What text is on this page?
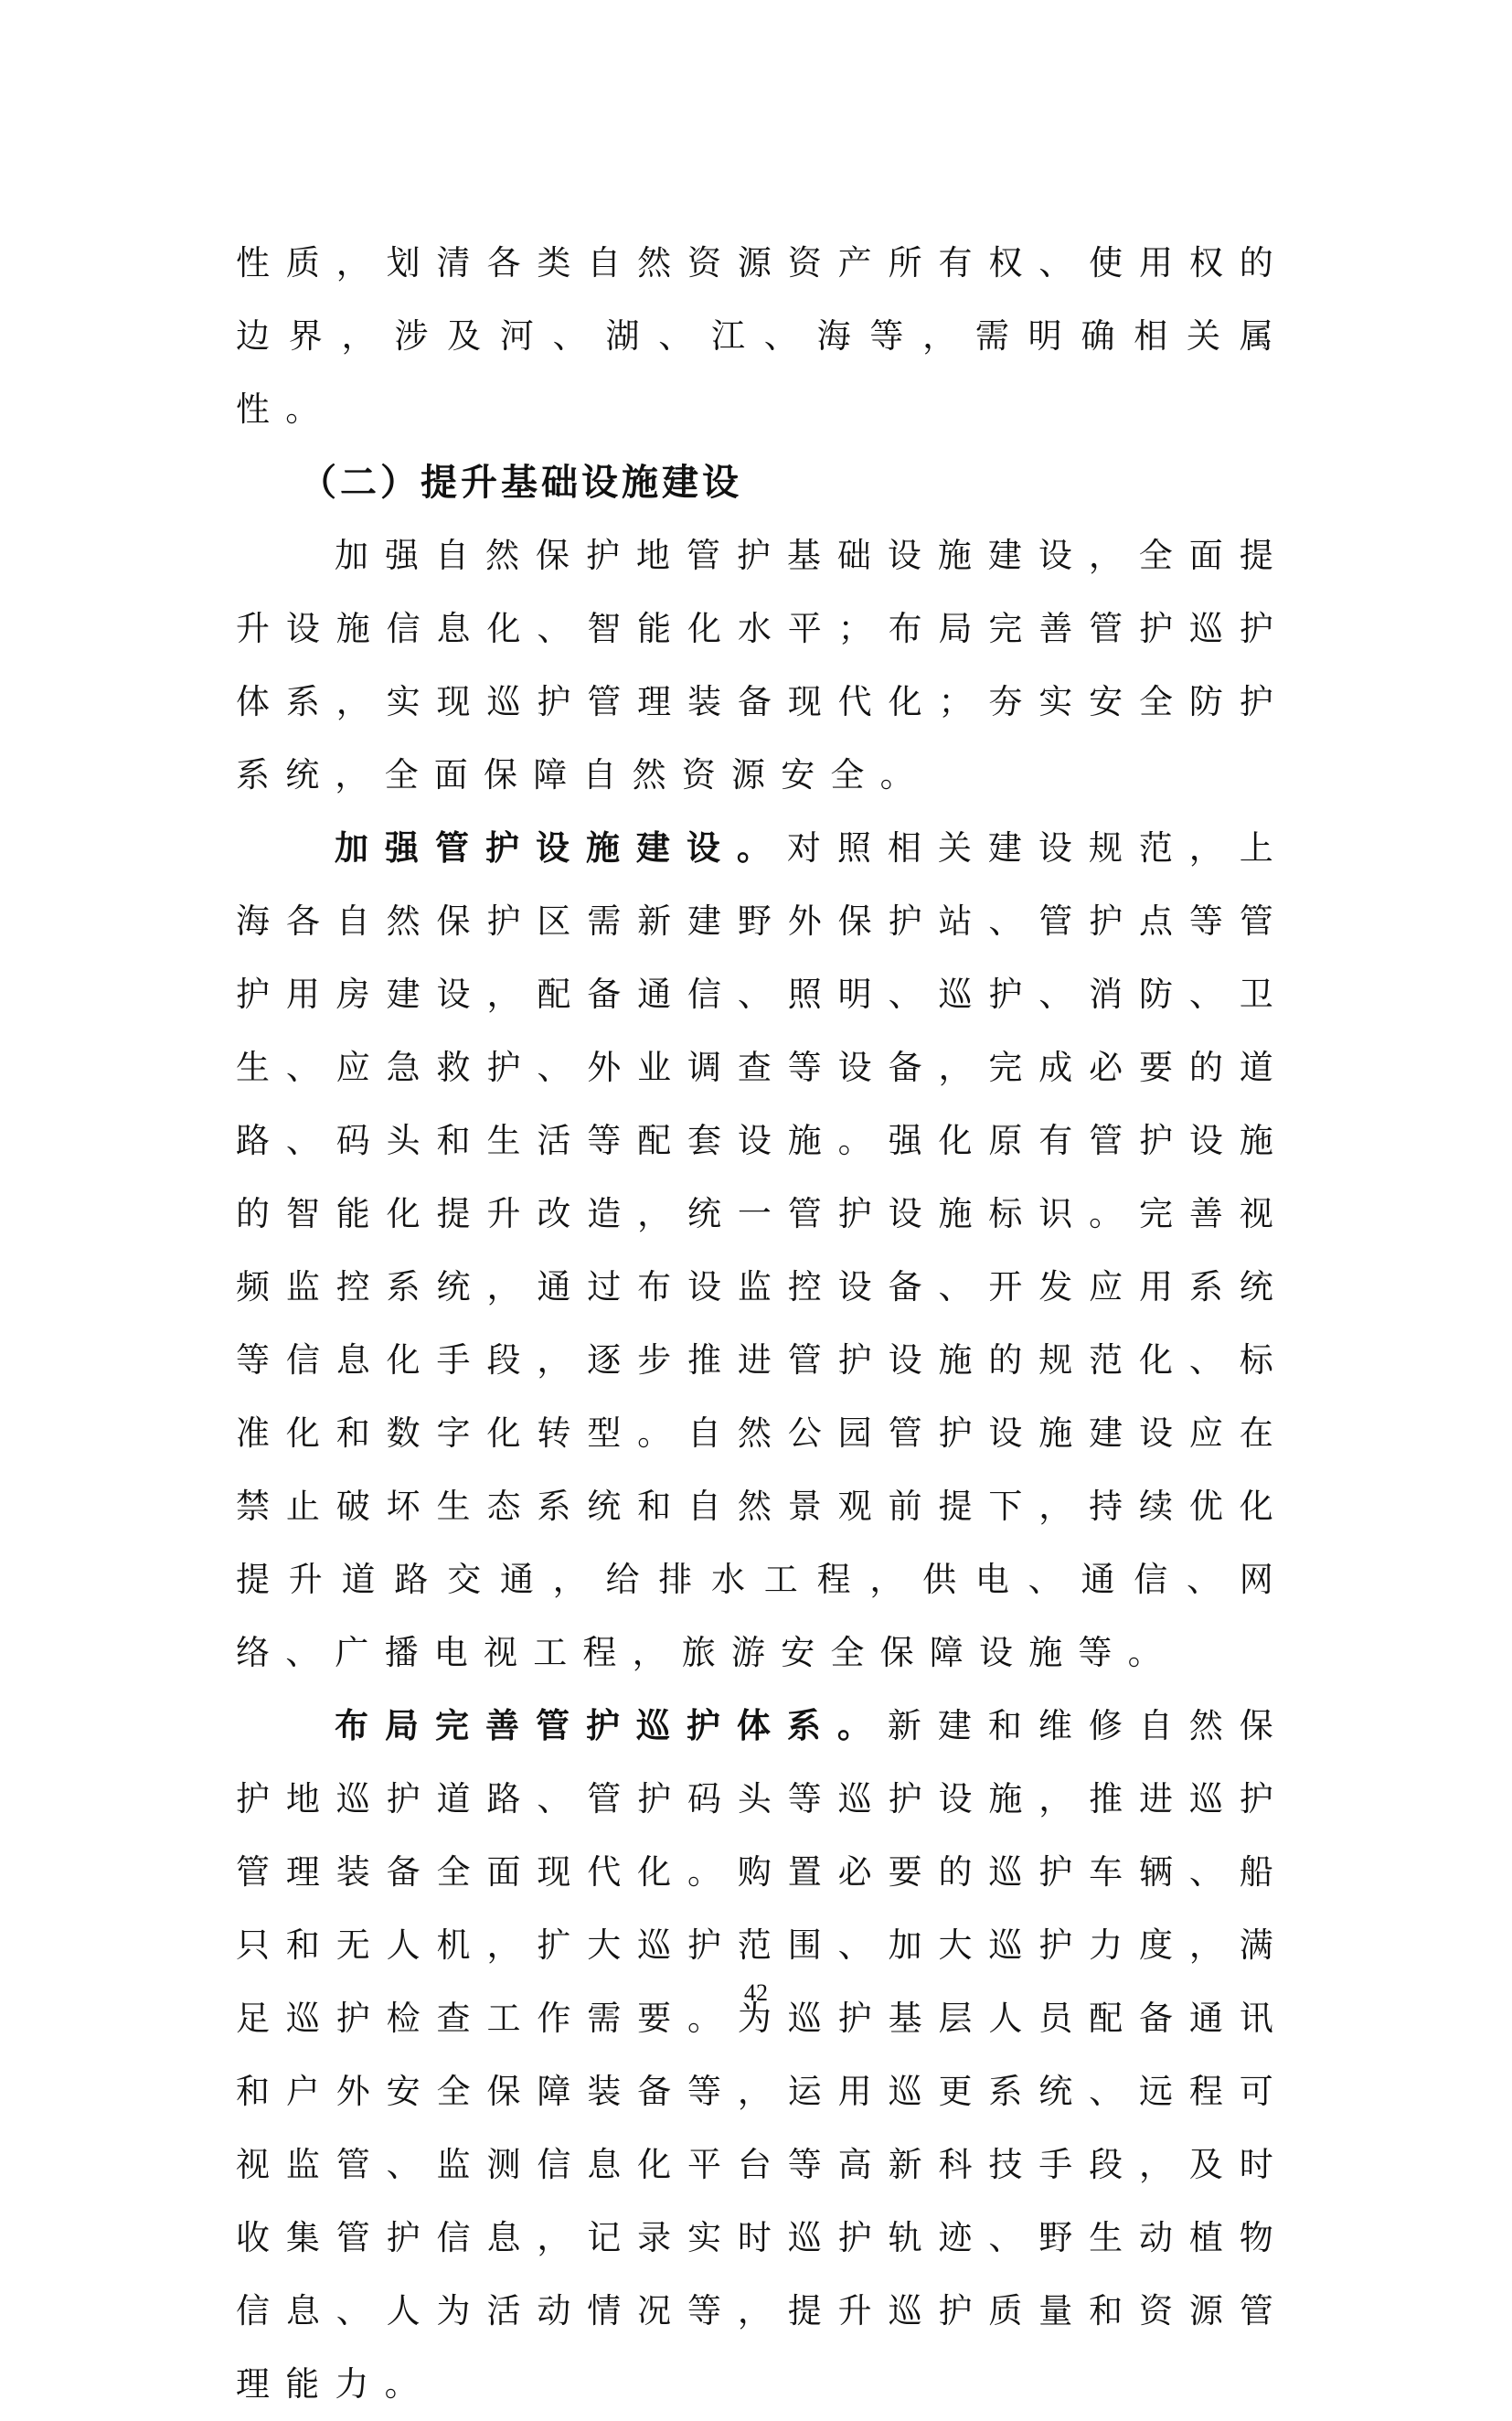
性质，划清各类自然资源资产所有权、使用权的边界，涉及河、湖、江、海等，需明确相关属性。

（二）提升基础设施建设

加强自然保护地管护基础设施建设，全面提升设施信息化、智能化水平；布局完善管护巡护体系，实现巡护管理装备现代化；夯实安全防护系统，全面保障自然资源安全。

加强管护设施建设。对照相关建设规范，上海各自然保护区需新建野外保护站、管护点等管护用房建设，配备通信、照明、巡护、消防、卫生、应急救护、外业调查等设备，完成必要的道路、码头和生活等配套设施。强化原有管护设施的智能化提升改造，统一管护设施标识。完善视频监控系统，通过布设监控设备、开发应用系统等信息化手段，逐步推进管护设施的规范化、标准化和数字化转型。自然公园管护设施建设应在禁止破坏生态系统和自然景观前提下，持续优化提升道路交通，给排水工程，供电、通信、网络、广播电视工程，旅游安全保障设施等。

布局完善管护巡护体系。新建和维修自然保护地巡护道路、管护码头等巡护设施，推进巡护管理装备全面现代化。购置必要的巡护车辆、船只和无人机，扩大巡护范围、加大巡护力度，满足巡护检查工作需要。为巡护基层人员配备通讯和户外安全保障装备等，运用巡更系统、远程可视监管、监测信息化平台等高新科技手段，及时收集管护信息，记录实时巡护轨迹、野生动植物信息、人为活动情况等，提升巡护质量和资源管理能力。

42
